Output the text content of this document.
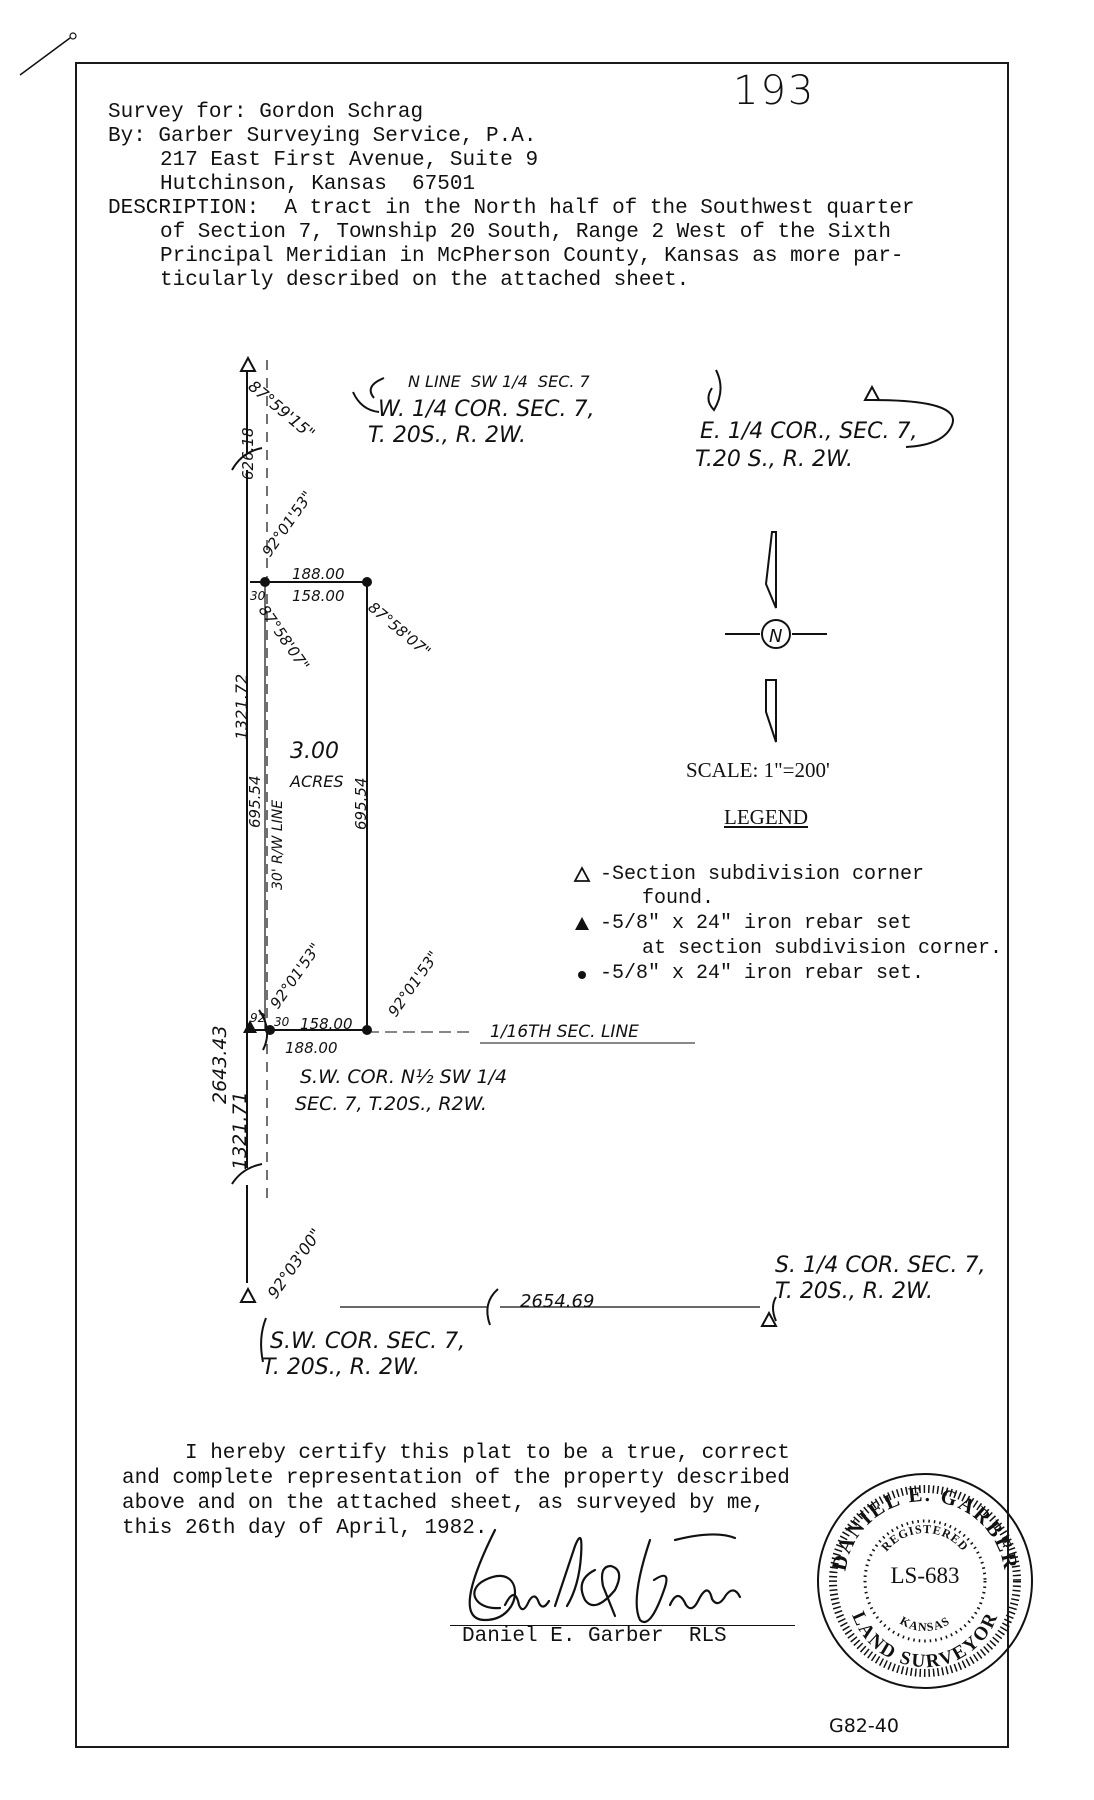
193
Survey for: Gordon Schrag
By: Garber Surveying Service, P.A.
217 East First Avenue, Suite 9
Hutchinson, Kansas  67501
DESCRIPTION:  A tract in the North half of the Southwest quarter
of Section 7, Township 20 South, Range 2 West of the Sixth
Principal Meridian in McPherson County, Kansas as more par-
ticularly described on the attached sheet.
N
N LINE  SW 1/4  SEC. 7
W. 1/4 COR. SEC. 7,
T. 20S., R. 2W.	E. 1/4 COR., SEC. 7,
T.20 S., R. 2W.
87°59'15"
626.18
92°01'53"
188.00
158.00
30
87°58'07"
87°58'07"
1321.72
695.54 30' R/W LINE
3.00
ACRES 695.54
92°01'53"	92°01'53"
92 30 158.00
188.00
1/16TH SEC. LINE
S.W. COR. N½ SW 1/4
SEC. 7, T.20S., R2W.
2643.43
1321.71
92°03'00"	2654.69
S. 1/4 COR. SEC. 7,
T. 20S., R. 2W.
S.W. COR. SEC. 7,
T. 20S., R. 2W.
SCALE: 1"=200'
LEGEND
-Section subdivision corner
found.
-5/8" x 24" iron rebar set
at section subdivision corner.
-5/8" x 24" iron rebar set.
I hereby certify this plat to be a true, correct
and complete representation of the property described
above and on the attached sheet, as surveyed by me,
this 26th day of April, 1982.
Daniel E. Garber  RLS
DANIEL E. GARBER
LAND SURVEYOR
REGISTERED
KANSAS
LS-683
G82-40
